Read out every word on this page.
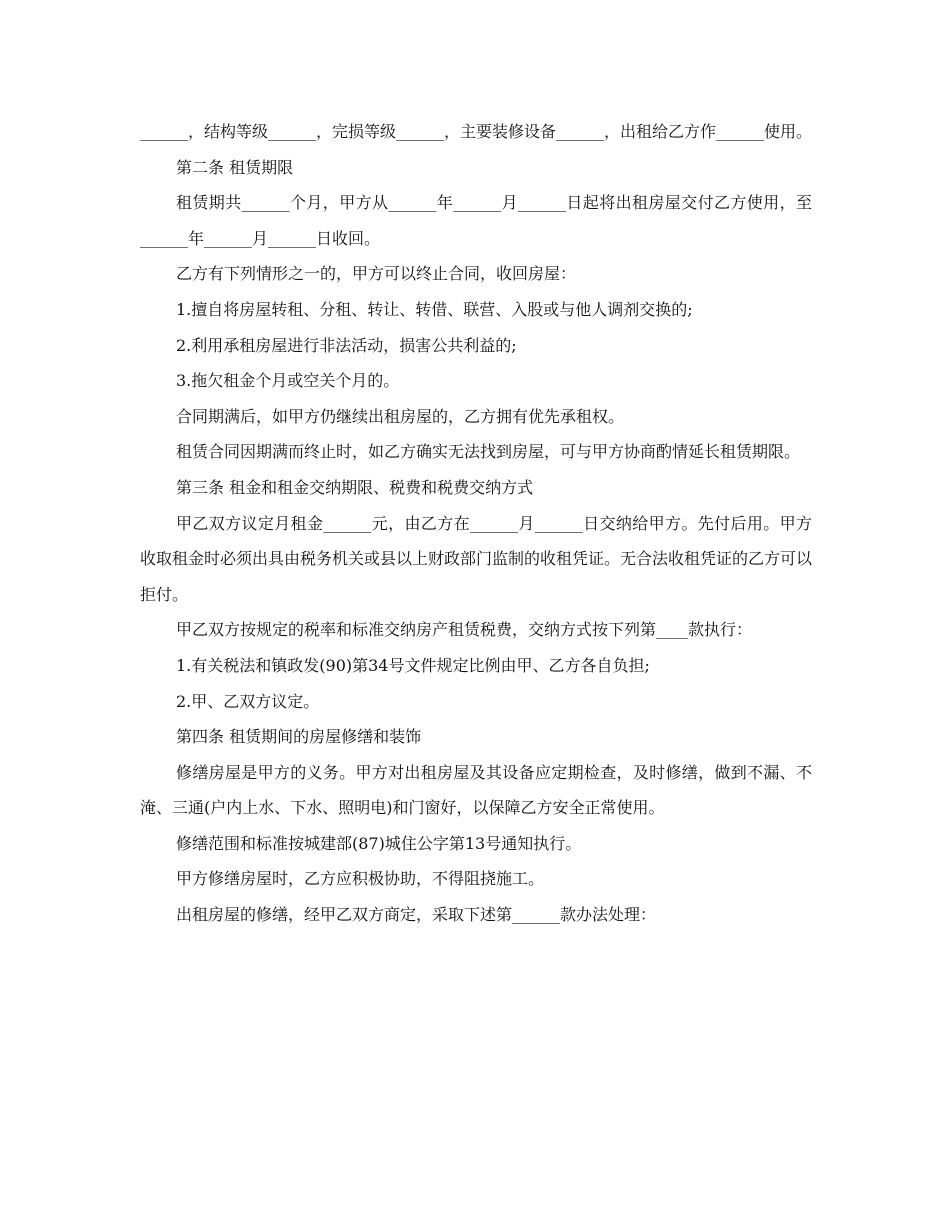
______，结构等级______，完损等级______，主要装修设备______，出租给乙方作______使用。

第二条 租赁期限

租赁期共______个月，甲方从______年______月______日起将出租房屋交付乙方使用，至______年______月______日收回。

乙方有下列情形之一的，甲方可以终止合同，收回房屋：

1.擅自将房屋转租、分租、转让、转借、联营、入股或与他人调剂交换的;

2.利用承租房屋进行非法活动，损害公共利益的;

3.拖欠租金个月或空关个月的。

合同期满后，如甲方仍继续出租房屋的，乙方拥有优先承租权。

租赁合同因期满而终止时，如乙方确实无法找到房屋，可与甲方协商酌情延长租赁期限。

第三条 租金和租金交纳期限、税费和税费交纳方式

甲乙双方议定月租金______元，由乙方在______月______日交纳给甲方。先付后用。甲方收取租金时必须出具由税务机关或县以上财政部门监制的收租凭证。无合法收租凭证的乙方可以拒付。

甲乙双方按规定的税率和标准交纳房产租赁税费，交纳方式按下列第____款执行：

1.有关税法和镇政发(90)第34号文件规定比例由甲、乙方各自负担;

2.甲、乙双方议定。

第四条 租赁期间的房屋修缮和装饰

修缮房屋是甲方的义务。甲方对出租房屋及其设备应定期检查，及时修缮，做到不漏、不淹、三通(户内上水、下水、照明电)和门窗好，以保障乙方安全正常使用。

修缮范围和标准按城建部(87)城住公字第13号通知执行。

甲方修缮房屋时，乙方应积极协助，不得阻挠施工。

出租房屋的修缮，经甲乙双方商定，采取下述第______款办法处理：
